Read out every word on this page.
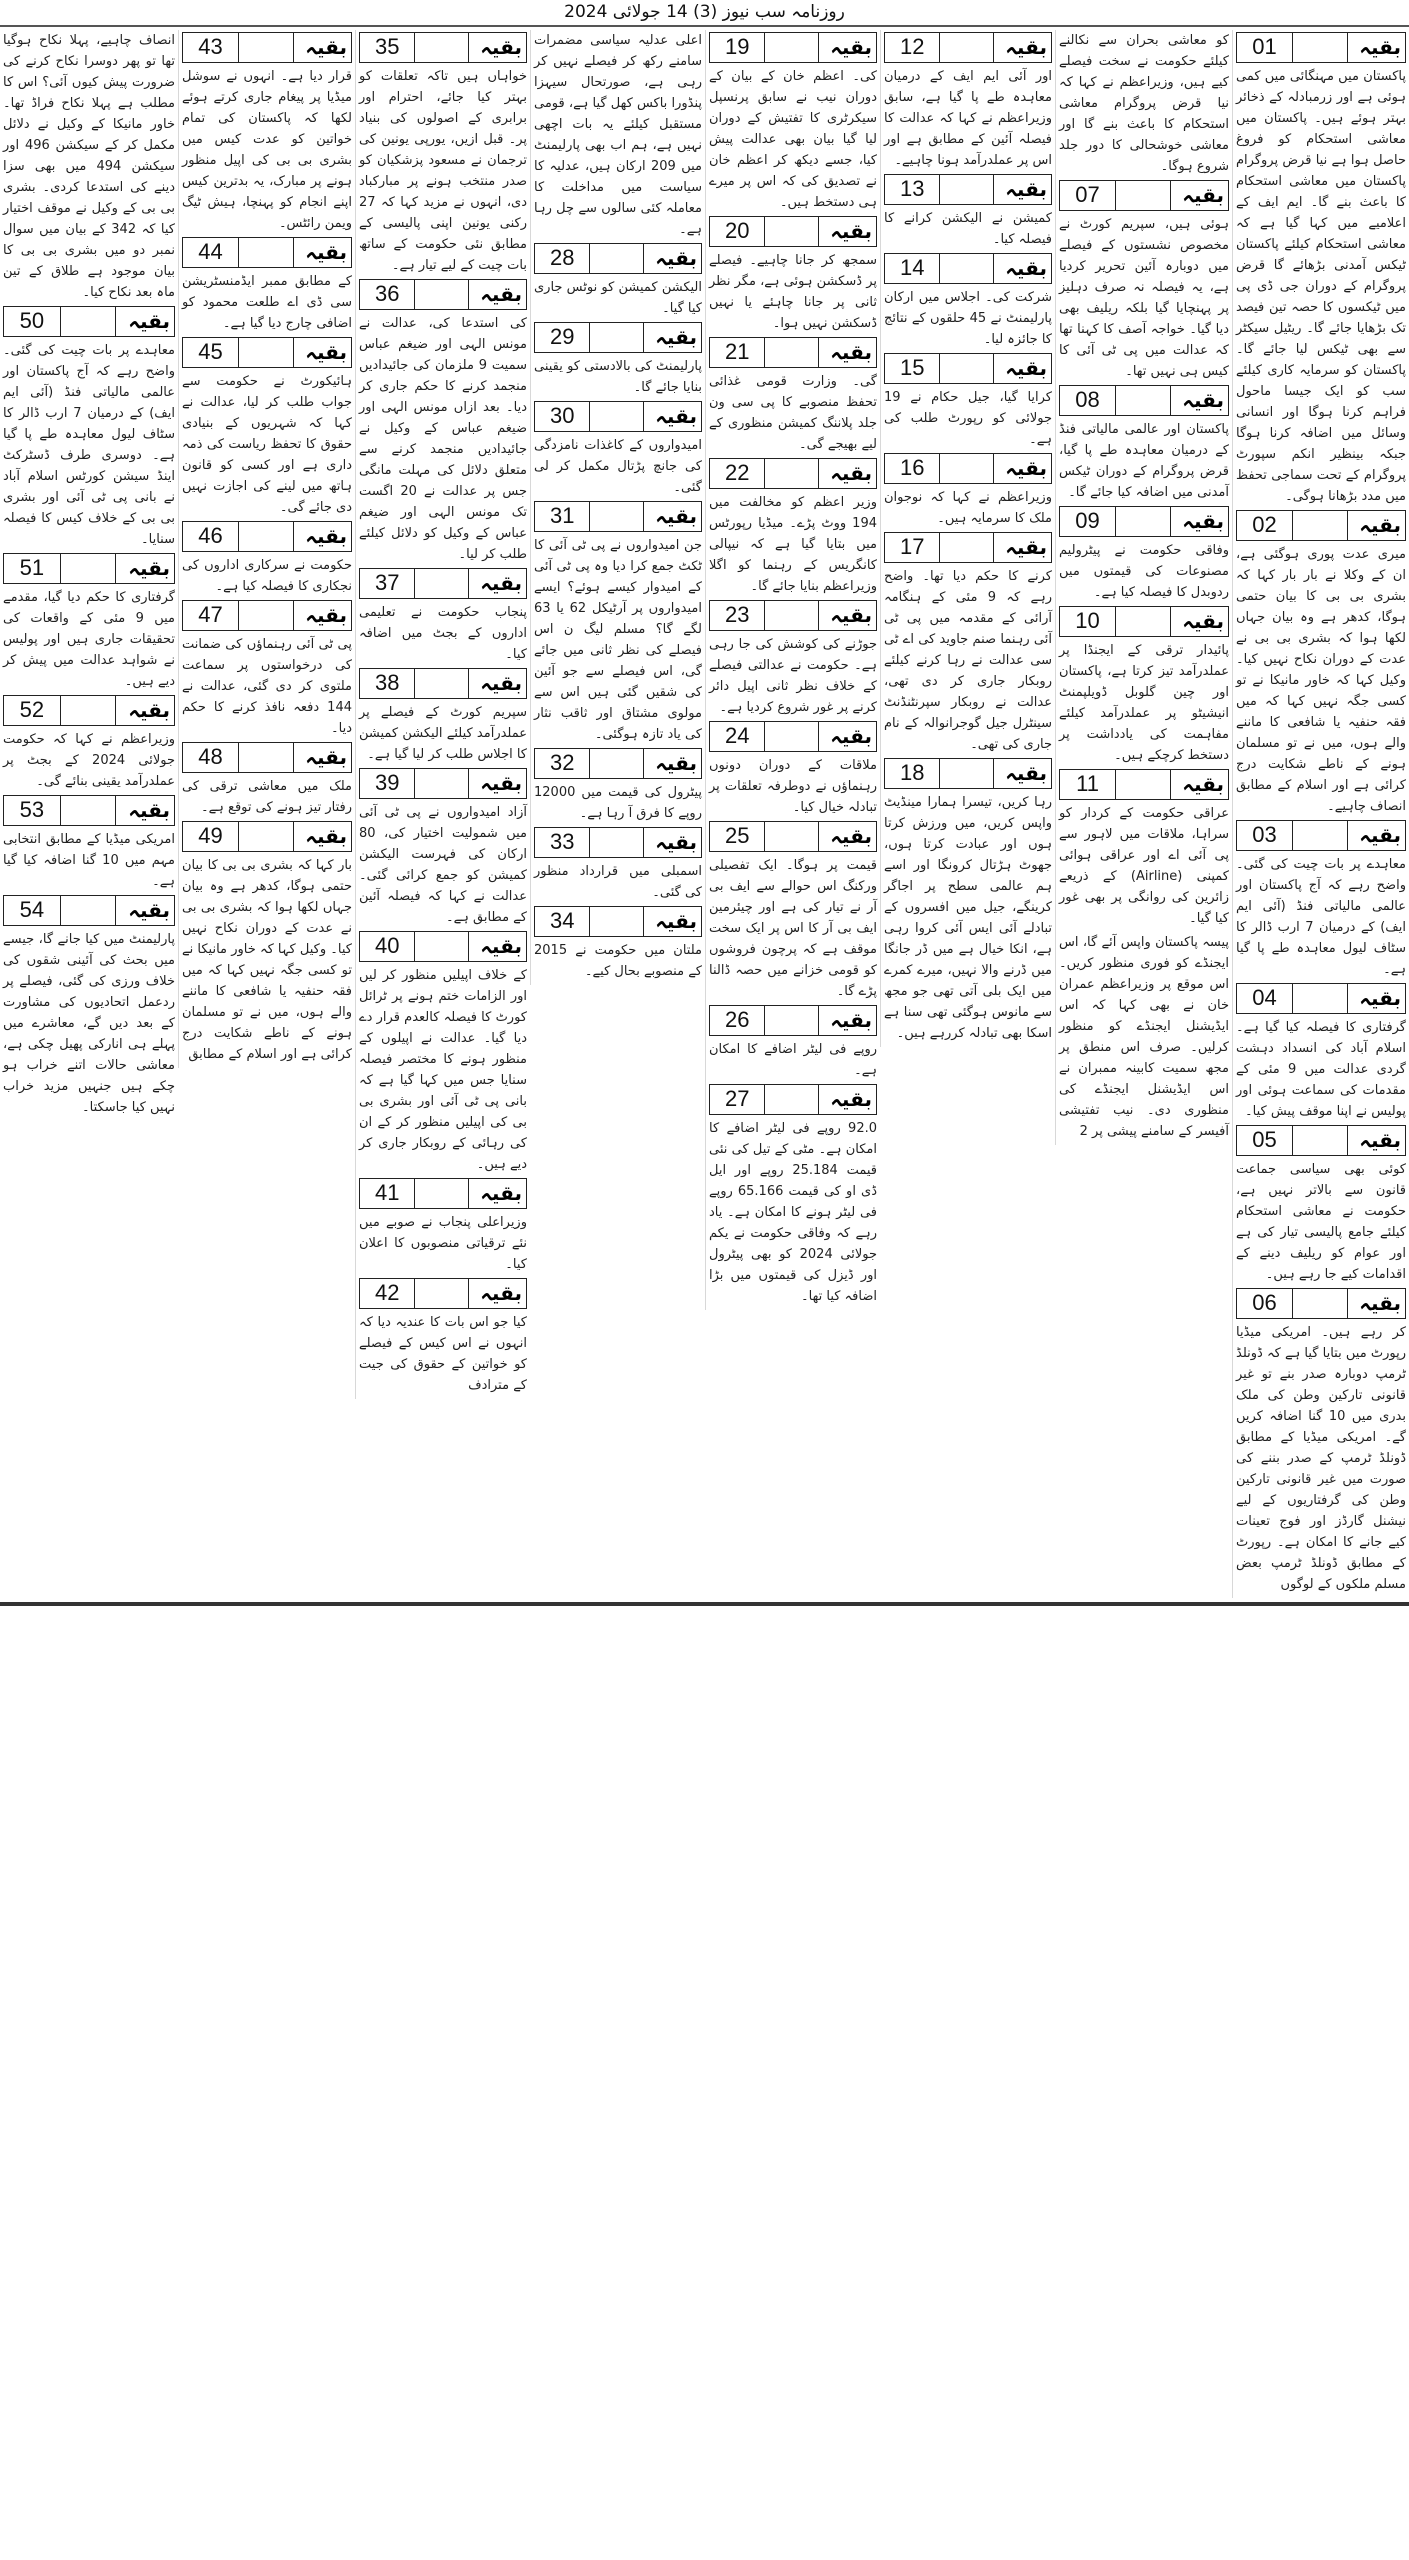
روزنامہ سب نیوز (3) 14 جولائی 2024
01	بقیہ
پاکستان میں مہنگائی میں کمی ہوئی ہے اور زرمبادلہ کے ذخائر بہتر ہوئے ہیں۔ پاکستان میں معاشی استحکام کو فروغ حاصل ہوا ہے نیا قرض پروگرام پاکستان میں معاشی استحکام کا باعث بنے گا۔ ایم ایف کے اعلامیے میں کہا گیا ہے کہ معاشی استحکام کیلئے پاکستان ٹیکس آمدنی بڑھائے گا قرض پروگرام کے دوران جی ڈی پی میں ٹیکسوں کا حصہ تین فیصد تک بڑھایا جائے گا۔ ریٹیل سیکٹر سے بھی ٹیکس لیا جائے گا۔ پاکستان کو سرمایہ کاری کیلئے سب کو ایک جیسا ماحول فراہم کرنا ہوگا اور انسانی وسائل میں اضافہ کرنا ہوگا جبکہ بینظیر انکم سپورٹ پروگرام کے تحت سماجی تحفظ میں مدد بڑھانا ہوگی۔
02	بقیہ
میری عدت پوری ہوگئی ہے، ان کے وکلا نے بار بار کہا کہ بشری بی بی کا بیان حتمی ہوگا، کدھر ہے وہ بیان جہاں لکھا ہوا کہ بشری بی بی نے عدت کے دوران نکاح نہیں کیا۔ وکیل کہا کہ خاور مانیکا نے تو کسی جگہ نہیں کہا کہ میں فقہ حنفیہ یا شافعی کا ماننے والے ہوں، میں نے تو مسلمان ہونے کے ناطے شکایت درج کرائی ہے اور اسلام کے مطابق انصاف چاہیے۔
03	بقیہ
معاہدے پر بات چیت کی گئی۔ واضح رہے کہ آج پاکستان اور عالمی مالیاتی فنڈ (آئی ایم ایف) کے درمیان 7 ارب ڈالر کا سٹاف لیول معاہدہ طے پا گیا ہے۔
04	بقیہ
گرفتاری کا فیصلہ کیا گیا ہے۔ اسلام آباد کی انسداد دہشت گردی عدالت میں 9 مئی کے مقدمات کی سماعت ہوئی اور پولیس نے اپنا موقف پیش کیا۔
05	بقیہ
کوئی بھی سیاسی جماعت قانون سے بالاتر نہیں ہے، حکومت نے معاشی استحکام کیلئے جامع پالیسی تیار کی ہے اور عوام کو ریلیف دینے کے اقدامات کیے جا رہے ہیں۔
06	بقیہ
کر رہے ہیں۔ امریکی میڈیا رپورٹ میں بتایا گیا ہے کہ ڈونلڈ ٹرمپ دوبارہ صدر بنے تو غیر قانونی تارکین وطن کی ملک بدری میں 10 گنا اضافہ کریں گے۔ امریکی میڈیا کے مطابق ڈونلڈ ٹرمپ کے صدر بننے کی صورت میں غیر قانونی تارکین وطن کی گرفتاریوں کے لیے نیشنل گارڈز اور فوج تعینات کیے جانے کا امکان ہے۔ رپورٹ کے مطابق ڈونلڈ ٹرمپ بعض مسلم ملکوں کے لوگوں
کو معاشی بحران سے نکالنے کیلئے حکومت نے سخت فیصلے کیے ہیں، وزیراعظم نے کہا کہ نیا قرض پروگرام معاشی استحکام کا باعث بنے گا اور معاشی خوشحالی کا دور جلد شروع ہوگا۔
07	بقیہ
ہوئی ہیں، سپریم کورٹ نے مخصوص نشستوں کے فیصلے میں دوبارہ آئین تحریر کردیا ہے، یہ فیصلہ نہ صرف دہلیز پر پہنچایا گیا بلکہ ریلیف بھی دیا گیا۔ خواجہ آصف کا کہنا تھا کہ عدالت میں پی ٹی آئی کا کیس ہی نہیں تھا۔
08	بقیہ
پاکستان اور عالمی مالیاتی فنڈ کے درمیان معاہدہ طے پا گیا، قرض پروگرام کے دوران ٹیکس آمدنی میں اضافہ کیا جائے گا۔
09	بقیہ
وفاقی حکومت نے پیٹرولیم مصنوعات کی قیمتوں میں ردوبدل کا فیصلہ کیا ہے۔
10	بقیہ
پائیدار ترقی کے ایجنڈا پر عملدرآمد تیز کرتا ہے، پاکستان اور چین گلوبل ڈویلپمنٹ انیشیٹو پر عملدرآمد کیلئے مفاہمت کی یادداشت پر دستخط کرچکے ہیں۔
11	بقیہ
عراقی حکومت کے کردار کو سراہا، ملاقات میں لاہور سے پی آئی اے اور عراقی ہوائی کمپنی (Airline) کے ذریعے زائرین کی روانگی پر بھی غور کیا گیا۔
پیسہ پاکستان واپس آئے گا، اس ایجنڈے کو فوری منظور کریں۔ اس موقع پر وزیراعظم عمران خان نے بھی کہا کہ اس ایڈیشنل ایجنڈے کو منظور کرلیں۔ صرف اس منطق پر مجھ سمیت کابینہ ممبران نے اس ایڈیشنل ایجنڈے کی منظوری دی۔ نیب تفتیشی آفیسر کے سامنے پیشی پر 2
12	بقیہ
اور آئی ایم ایف کے درمیان معاہدہ طے پا گیا ہے، سابق وزیراعظم نے کہا کہ عدالت کا فیصلہ آئین کے مطابق ہے اور اس پر عملدرآمد ہونا چاہیے۔
13	بقیہ
کمیشن نے الیکشن کرانے کا فیصلہ کیا۔
14	بقیہ
شرکت کی۔ اجلاس میں ارکان پارلیمنٹ نے 45 حلقوں کے نتائج کا جائزہ لیا۔
15	بقیہ
کرایا گیا، جیل حکام نے 19 جولائی کو رپورٹ طلب کی ہے۔
16	بقیہ
وزیراعظم نے کہا کہ نوجوان ملک کا سرمایہ ہیں۔
17	بقیہ
کرنے کا حکم دیا تھا۔ واضح رہے کہ 9 مئی کے ہنگامہ آرائی کے مقدمہ میں پی ٹی آئی رہنما صنم جاوید کی اے ٹی سی عدالت نے رہا کرنے کیلئے روبکار جاری کر دی تھی، عدالت نے روبکار سپرنٹنڈنٹ سینٹرل جیل گوجرانوالہ کے نام جاری کی تھی۔
18	بقیہ
رہا کریں، تیسرا ہمارا مینڈیٹ واپس کریں، میں ورزش کرتا ہوں اور عبادت کرتا ہوں، جھوٹ ہڑتال کرونگا اور اسے ہم عالمی سطح پر اجاگر کرینگے، جیل میں افسروں کے تبادلے آئی ایس آئی کروا رہی ہے، انکا خیال ہے میں ڈر جانگا میں ڈرنے والا نہیں، میرے کمرے میں ایک بلی آتی تھی جو مجھ سے مانوس ہوگئی تھی سنا ہے اسکا بھی تبادلہ کررہے ہیں۔
19	بقیہ
کی۔ اعظم خان کے بیان کے دوران نیب نے سابق پرنسپل سیکرٹری کا تفتیش کے دوران لیا گیا بیان بھی عدالت پیش کیا، جسے دیکھ کر اعظم خان نے تصدیق کی کہ اس پر میرے ہی دستخط ہیں۔
20	بقیہ
سمجھ کر جانا چاہیے۔ فیصلے پر ڈسکشن ہوئی ہے، مگر نظر ثانی پر جانا چاہئے یا نہیں ڈسکشن نہیں ہوا۔
21	بقیہ
گی۔ وزارت قومی غذائی تحفظ منصوبے کا پی سی ون جلد پلاننگ کمیشن منظوری کے لیے بھیجے گی۔
22	بقیہ
وزیر اعظم کو مخالفت میں 194 ووٹ پڑے۔ میڈیا رپورٹس میں بتایا گیا ہے کہ نیپالی کانگریس کے رہنما کو اگلا وزیراعظم بنایا جائے گا۔
23	بقیہ
جوڑنے کی کوشش کی جا رہی ہے۔ حکومت نے عدالتی فیصلے کے خلاف نظر ثانی اپیل دائر کرنے پر غور شروع کردیا ہے۔
24	بقیہ
ملاقات کے دوران دونوں رہنماؤں نے دوطرفہ تعلقات پر تبادلہ خیال کیا۔
25	بقیہ
قیمت پر ہوگا۔ ایک تفصیلی ورکنگ اس حوالے سے ایف بی آر نے تیار کی ہے اور چیئرمین ایف بی آر کا اس پر ایک سخت موقف ہے کہ پرچون فروشوں کو قومی خزانے میں حصہ ڈالنا پڑے گا۔
26	بقیہ
روپے فی لیٹر اضافے کا امکان ہے۔
27	بقیہ
92.0 روپے فی لیٹر اضافے کا امکان ہے۔ مٹی کے تیل کی نئی قیمت 25.184 روپے اور ایل ڈی او کی قیمت 65.166 روپے فی لیٹر ہونے کا امکان ہے۔ یاد رہے کہ وفاقی حکومت نے یکم جولائی 2024 کو بھی پیٹرول اور ڈیزل کی قیمتوں میں بڑا اضافہ کیا تھا۔
اعلی عدلیہ سیاسی مضمرات سامنے رکھ کر فیصلے نہیں کر رہی ہے، صورتحال سیہزا پنڈورا باکس کھل گیا ہے، قومی مستقبل کیلئے یہ بات اچھی نہیں ہے، ہم اب بھی پارلیمنٹ میں 209 ارکان ہیں، عدلیہ کا سیاست میں مداخلت کا معاملہ کئی سالوں سے چل رہا ہے۔
28	بقیہ
الیکشن کمیشن کو نوٹس جاری کیا گیا۔
29	بقیہ
پارلیمنٹ کی بالادستی کو یقینی بنایا جائے گا۔
30	بقیہ
امیدواروں کے کاغذات نامزدگی کی جانچ پڑتال مکمل کر لی گئی۔
31	بقیہ
جن امیدواروں نے پی ٹی آئی کا ٹکٹ جمع کرا دیا وہ پی ٹی آئی کے امیدوار کیسے ہوئے؟ ایسے امیدواروں پر آرٹیکل 62 یا 63 لگے گا؟ مسلم لیگ ن اس فیصلے کی نظر ثانی میں جائے گی، اس فیصلے سے جو آئین کی شقیں گئی ہیں اس سے مولوی مشتاق اور ثاقب نثار کی یاد تازہ ہوگئی۔
32	بقیہ
پیٹرول کی قیمت میں 12000 روپے کا فرق آ رہا ہے۔
33	بقیہ
اسمبلی میں قرارداد منظور کی گئی۔
34	بقیہ
ملتان میں حکومت نے 2015 کے منصوبے بحال کیے۔
35	بقیہ
خواہاں ہیں تاکہ تعلقات کو بہتر کیا جائے، احترام اور برابری کے اصولوں کی بنیاد پر۔ قبل ازیں، یورپی یونین کی ترجمان نے مسعود پزشکیان کو صدر منتخب ہونے پر مبارکباد دی، انہوں نے مزید کہا کہ 27 رکنی یونین اپنی پالیسی کے مطابق نئی حکومت کے ساتھ بات چیت کے لیے تیار ہے۔
36	بقیہ
کی استدعا کی، عدالت نے مونس الہی اور ضیغم عباس سمیت 9 ملزمان کی جائیدادیں منجمد کرنے کا حکم جاری کر دیا۔ بعد ازاں مونس الہی اور ضیغم عباس کے وکیل نے جائیدادیں منجمد کرنے سے متعلق دلائل کی مہلت مانگی جس پر عدالت نے 20 اگست تک مونس الہی اور ضیغم عباس کے وکیل کو دلائل کیلئے طلب کر لیا۔
37	بقیہ
پنجاب حکومت نے تعلیمی اداروں کے بجٹ میں اضافہ کیا۔
38	بقیہ
سپریم کورٹ کے فیصلے پر عملدرآمد کیلئے الیکشن کمیشن کا اجلاس طلب کر لیا گیا ہے۔
39	بقیہ
آزاد امیدواروں نے پی ٹی آئی میں شمولیت اختیار کی، 80 ارکان کی فہرست الیکشن کمیشن کو جمع کرائی گئی۔ عدالت نے کہا کہ فیصلہ آئین کے مطابق ہے۔
40	بقیہ
کے خلاف اپیلیں منظور کر لیں اور الزامات ختم ہونے پر ٹرائل کورٹ کا فیصلہ کالعدم قرار دے دیا گیا۔ عدالت نے اپیلوں کے منظور ہونے کا مختصر فیصلہ سنایا جس میں کہا گیا ہے کہ بانی پی ٹی آئی اور بشری بی بی کی اپیلیں منظور کر کے ان کی رہائی کے روبکار جاری کر دیے ہیں۔
41	بقیہ
وزیراعلی پنجاب نے صوبے میں نئے ترقیاتی منصوبوں کا اعلان کیا۔
42	بقیہ
کیا جو اس بات کا عندیہ دیا کہ انہوں نے اس کیس کے فیصلے کو خواتین کے حقوق کی جیت کے مترادف
43	بقیہ
قرار دیا ہے۔ انہوں نے سوشل میڈیا پر پیغام جاری کرتے ہوئے لکھا کہ پاکستان کی تمام خواتین کو عدت کیس میں بشری بی بی کی اپیل منظور ہونے پر مبارک، یہ بدترین کیس اپنے انجام کو پہنچا، ہیش ٹیگ ویمن رائٹس۔
44	بقیہ
کے مطابق ممبر ایڈمنسٹریشن سی ڈی اے طلعت محمود کو اضافی چارج دیا گیا ہے۔
45	بقیہ
ہائیکورٹ نے حکومت سے جواب طلب کر لیا، عدالت نے کہا کہ شہریوں کے بنیادی حقوق کا تحفظ ریاست کی ذمہ داری ہے اور کسی کو قانون ہاتھ میں لینے کی اجازت نہیں دی جائے گی۔
46	بقیہ
حکومت نے سرکاری اداروں کی نجکاری کا فیصلہ کیا ہے۔
47	بقیہ
پی ٹی آئی رہنماؤں کی ضمانت کی درخواستوں پر سماعت ملتوی کر دی گئی، عدالت نے 144 دفعہ نافذ کرنے کا حکم دیا۔
48	بقیہ
ملک میں معاشی ترقی کی رفتار تیز ہونے کی توقع ہے۔
49	بقیہ
بار کہا کہ بشری بی بی کا بیان حتمی ہوگا، کدھر ہے وہ بیان جہاں لکھا ہوا کہ بشری بی بی نے عدت کے دوران نکاح نہیں کیا۔ وکیل کہا کہ خاور مانیکا نے تو کسی جگہ نہیں کہا کہ میں فقہ حنفیہ یا شافعی کا ماننے والے ہوں، میں نے تو مسلمان ہونے کے ناطے شکایت درج کرائی ہے اور اسلام کے مطابق
انصاف چاہیے، پہلا نکاح ہوگیا تھا تو پھر دوسرا نکاح کرنے کی ضرورت پیش کیوں آئی؟ اس کا مطلب ہے پہلا نکاح فراڈ تھا۔ خاور مانیکا کے وکیل نے دلائل مکمل کر کے سیکشن 496 اور سیکشن 494 میں بھی سزا دینے کی استدعا کردی۔ بشری بی بی کے وکیل نے موقف اختیار کیا کہ 342 کے بیان میں سوال نمبر دو میں بشری بی بی کا بیان موجود ہے طلاق کے تین ماہ بعد نکاح کیا۔
50	بقیہ
معاہدے پر بات چیت کی گئی۔ واضح رہے کہ آج پاکستان اور عالمی مالیاتی فنڈ (آئی ایم ایف) کے درمیان 7 ارب ڈالر کا سٹاف لیول معاہدہ طے پا گیا ہے۔ دوسری طرف ڈسٹرکٹ اینڈ سیشن کورٹس اسلام آباد نے بانی پی ٹی آئی اور بشری بی بی کے خلاف کیس کا فیصلہ سنایا۔
51	بقیہ
گرفتاری کا حکم دیا گیا، مقدمے میں 9 مئی کے واقعات کی تحقیقات جاری ہیں اور پولیس نے شواہد عدالت میں پیش کر دیے ہیں۔
52	بقیہ
وزیراعظم نے کہا کہ حکومت جولائی 2024 کے بجٹ پر عملدرآمد یقینی بنائے گی۔
53	بقیہ
امریکی میڈیا کے مطابق انتخابی مہم میں 10 گنا اضافہ کیا گیا ہے۔
54	بقیہ
پارلیمنٹ میں کیا جانے گا، جیسے میں بحث کی آئینی شقوں کی خلاف ورزی کی گئی، فیصلے پر ردعمل اتحادیوں کی مشاورت کے بعد دیں گے، معاشرے میں پہلے ہی انارکی پھیل چکی ہے، معاشی حالات اتنے خراب ہو چکے ہیں جنہیں مزید خراب نہیں کیا جاسکتا۔
